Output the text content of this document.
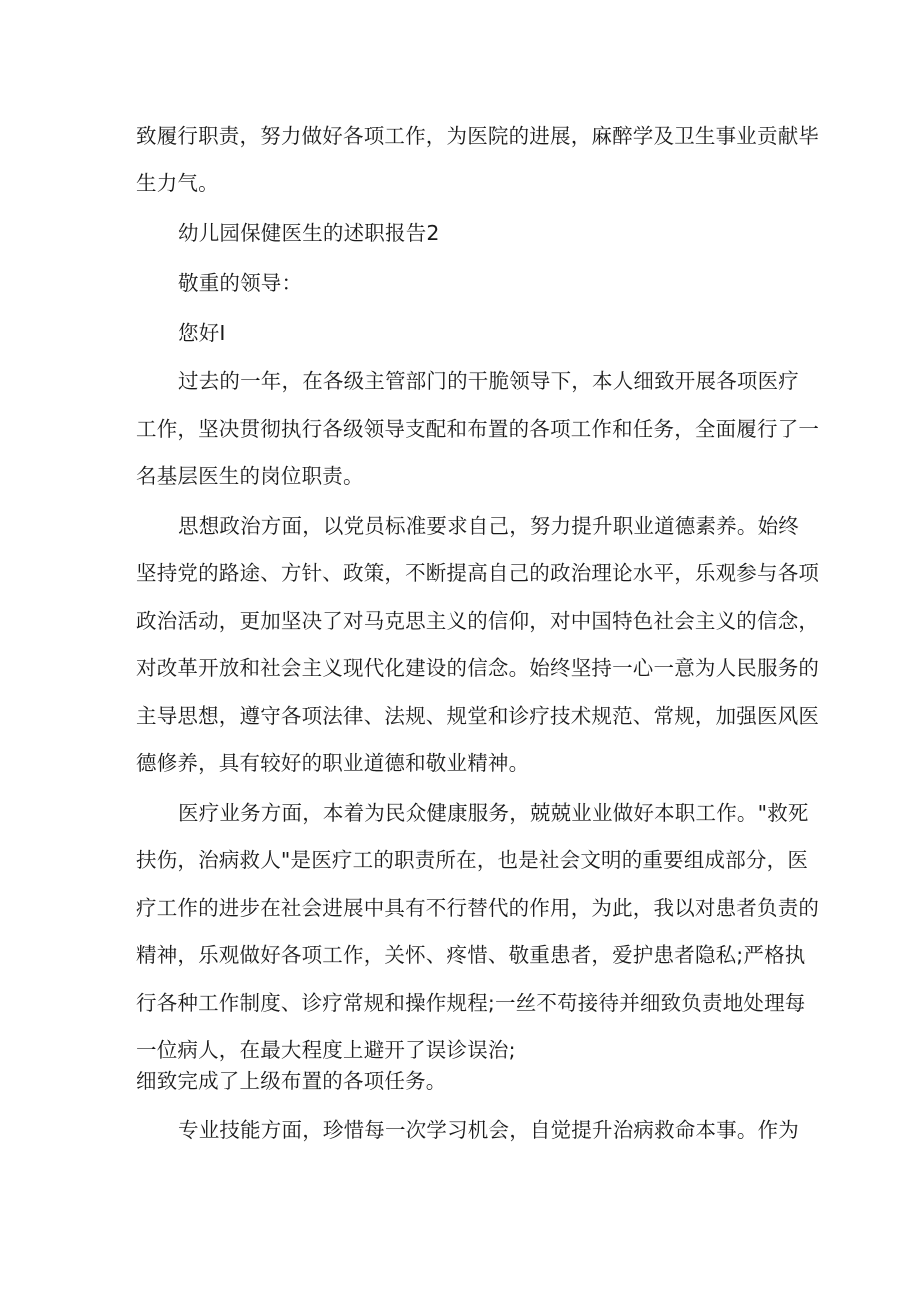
致履行职责，努力做好各项工作，为医院的进展，麻醉学及卫生事业贡献毕
生力气。
幼儿园保健医生的述职报告2
敬重的领导：
您好I
过去的一年，在各级主管部门的干脆领导下，本人细致开展各项医疗
工作，坚决贯彻执行各级领导支配和布置的各项工作和任务，全面履行了一
名基层医生的岗位职责。
思想政治方面，以党员标准要求自己，努力提升职业道德素养。始终
坚持党的路途、方针、政策，不断提高自己的政治理论水平，乐观参与各项
政治活动，更加坚决了对马克思主义的信仰，对中国特色社会主义的信念，
对改革开放和社会主义现代化建设的信念。始终坚持一心一意为人民服务的
主导思想，遵守各项法律、法规、规堂和诊疗技术规范、常规，加强医风医
德修养，具有较好的职业道德和敬业精神。
医疗业务方面，本着为民众健康服务，兢兢业业做好本职工作。"救死
扶伤，治病救人"是医疗工的职责所在，也是社会文明的重要组成部分，医
疗工作的进步在社会进展中具有不行替代的作用，为此，我以对患者负责的
精神，乐观做好各项工作，关怀、疼惜、敬重患者，爱护患者隐私;严格执
行各种工作制度、诊疗常规和操作规程;一丝不苟接待并细致负责地处理每
一位病人，在最大程度上避开了误诊误治;
细致完成了上级布置的各项任务。
专业技能方面，珍惜每一次学习机会，自觉提升治病救命本事。作为
